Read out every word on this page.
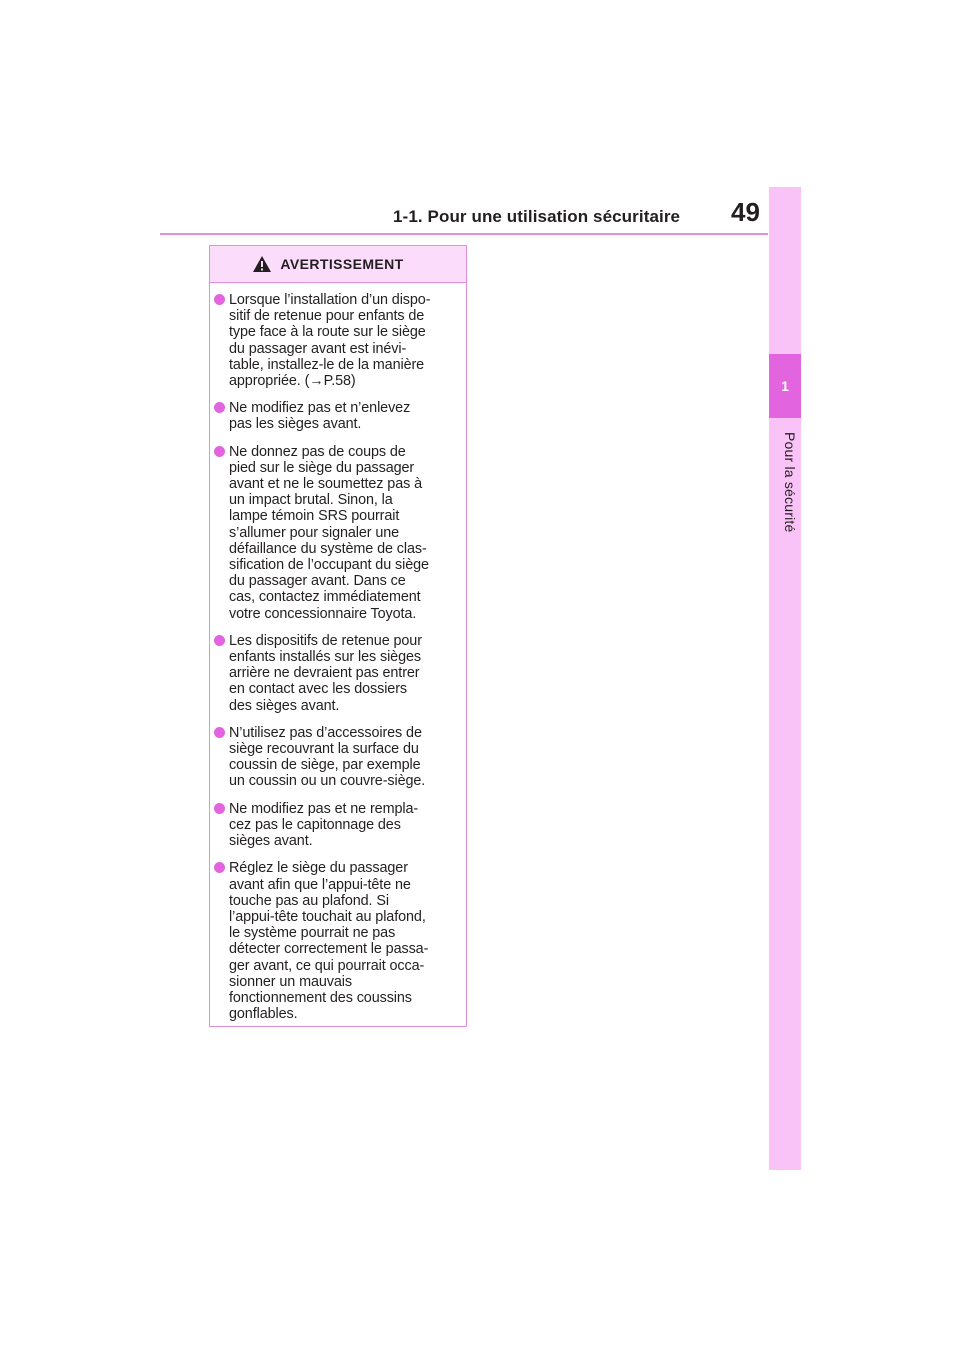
1-1. Pour une utilisation sécuritaire 49
1
Pour la sécurité
AVERTISSEMENT
Lorsque l’installation d’un dispo-
sitif de retenue pour enfants de
type face à la route sur le siège
du passager avant est inévi-
table, installez-le de la manière
appropriée. (→P.58)
Ne modifiez pas et n’enlevez
pas les sièges avant.
Ne donnez pas de coups de
pied sur le siège du passager
avant et ne le soumettez pas à
un impact brutal. Sinon, la
lampe témoin SRS pourrait
s’allumer pour signaler une
défaillance du système de clas-
sification de l’occupant du siège
du passager avant. Dans ce
cas, contactez immédiatement
votre concessionnaire Toyota.
Les dispositifs de retenue pour
enfants installés sur les sièges
arrière ne devraient pas entrer
en contact avec les dossiers
des sièges avant.
N’utilisez pas d’accessoires de
siège recouvrant la surface du
coussin de siège, par exemple
un coussin ou un couvre-siège.
Ne modifiez pas et ne rempla-
cez pas le capitonnage des
sièges avant.
Réglez le siège du passager
avant afin que l’appui-tête ne
touche pas au plafond. Si
l’appui-tête touchait au plafond,
le système pourrait ne pas
détecter correctement le passa-
ger avant, ce qui pourrait occa-
sionner un mauvais
fonctionnement des coussins
gonflables.
